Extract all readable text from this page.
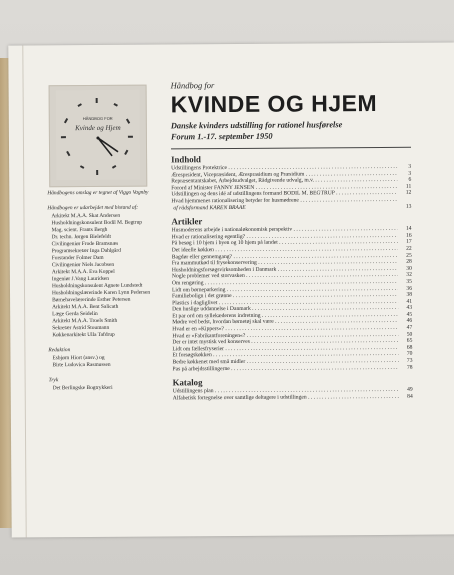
HÅNDBOG FOR
Kvinde og Hjem
Håndbogens omslag er tegnet af Viggo Vagnby
Håndbogen er udarbejdet med bistand af:
Arkitekt M.A.A. Skat Andersen
Husholdningskonsulent Bodil M. Begtrup
Mag. scient. Frants Bergh
Dr. techn. Jørgen Bielefeldt
Civilingeniør Frode Bramsnæs
Programsekretær Inga Dahlgård
Forstander Folmer Dam
Civilingeniør Niels Jacobsen
Arkitekt M.A.A. Eva Koppel
Ingeniør J.Vang Lauridsen
Husholdningskonsulent Agnete Lundstedt
Husholdningslærerinde Karen Lynn Pedersen
Børnehavelærerinde Esther Petersen
Arkitekt M.A.A. Bent Salicath
Læge Gerda Seidelin
Arkitekt M.A.A. Troels Smith
Sekretær Astrid Stoumann
Køkkenarkitekt Ulla Tafdrup
Redaktion
Esbjørn Hiort (ansv.) og
Birte Ludovica Rasmussen
Tryk
Det Berlingske Bogtrykkeri
Håndbog for
KVINDE OG HJEM
Danske kvinders udstilling for rationel husførelse
Forum 1.-17. september 1950
Indhold
Udstillingens Protektrice . . .	3
Æresprsident, Vicepræsident, Æresprasidium og Præsidium . . .	3
Repræsentantskabet, Arbejdsudvalget, Rådgivende udvalg, m.v. . . .	6
Forord af Minister FANNY JENSEN . . .	11
Udstillingen og dens idé af udstillingens formand BODIL M. BEGTRUP . . .	12
Hvad hjemmenes rationalisering betyder for husmødrene . . .
af rådsformand KAREN BRAAE	13
Artikler
Husmoderens arbejde i nationaløkonomisk perspektiv . . .	14
Hvad er rationalisering egentlig? . . .	16
På besøg i 10 hjem i byen og 10 hjem på landet . . .	17
Det ideelle køkken . . .	22
Bagdør eller gennemgang? . . .	25
Fra mammutkød til frysekonservering . . .	28
Husholdningsforsøgsvirksomheden i Danmark . . .	30
Nogle problemer ved storvasken . . .	32
Om rengøring . . .	35
Lidt om børneparkering . . .	36
Familiebolign i det grønne . . .	38
Plastics i dagliglivet . . .	41
Den huslige uddannelse i Danmark . . .	43
Et par ord om syllekæderens indretning . . .	45
Mødre ved bedst, hvordan børnetøj skal være . . .	46
Hvad er en »Kippers«? . . .	47
Hvad er »Fabrikantforeningen«? . . .	50
Der er intet mystisk ved konserves . . .	65
Lidt om fællesfryserier . . .	68
Et forsøgskøkken . . .	70
Bedre køkkenet med små midler . . .	73
Pas på arbejdsstillingerne . . .	78
Katalog
Udstillingens plan . . .	49
Alfabetisk fortegnelse over samtlige deltagere i udstillingen . . .	84
